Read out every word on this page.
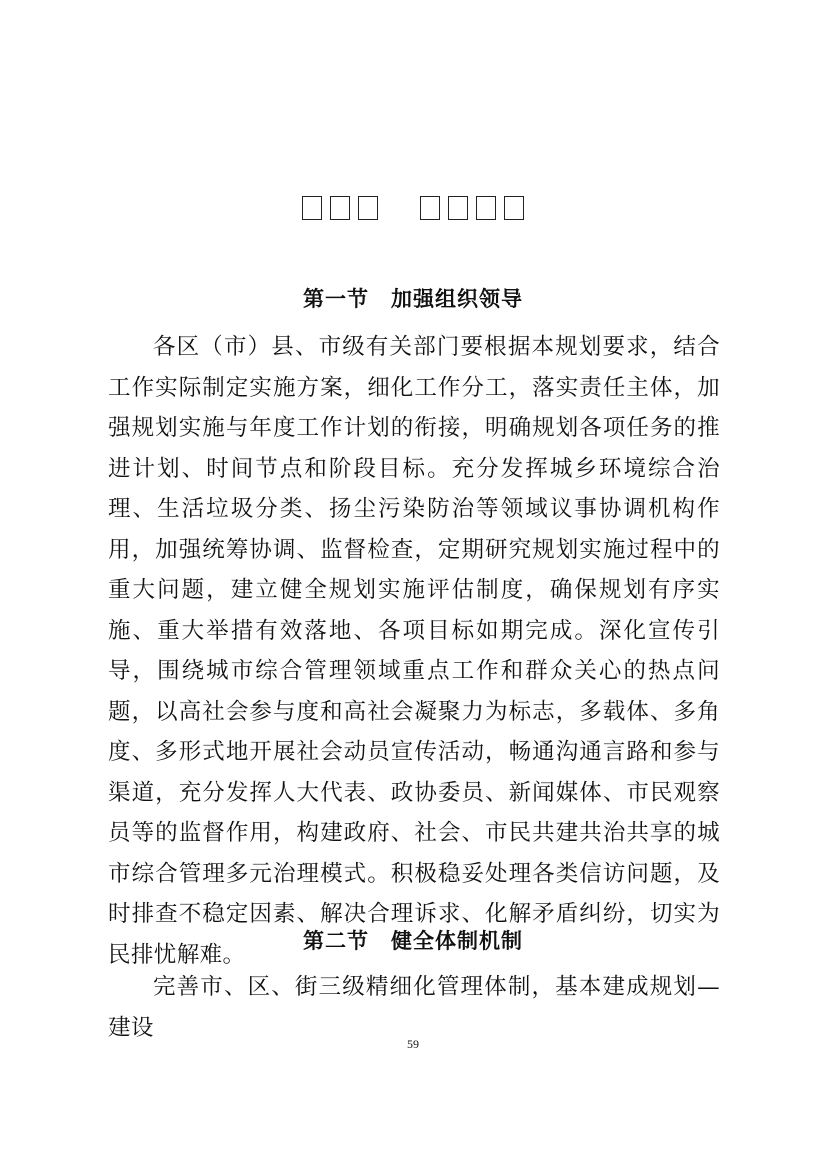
第一节 加强组织领导

各区（市）县、市级有关部门要根据本规划要求，结合工作实际制定实施方案，细化工作分工，落实责任主体，加强规划实施与年度工作计划的衔接，明确规划各项任务的推进计划、时间节点和阶段目标。充分发挥城乡环境综合治理、生活垃圾分类、扬尘污染防治等领域议事协调机构作用，加强统筹协调、监督检查，定期研究规划实施过程中的重大问题，建立健全规划实施评估制度，确保规划有序实施、重大举措有效落地、各项目标如期完成。深化宣传引导，围绕城市综合管理领域重点工作和群众关心的热点问题，以高社会参与度和高社会凝聚力为标志，多载体、多角度、多形式地开展社会动员宣传活动，畅通沟通言路和参与渠道，充分发挥人大代表、政协委员、新闻媒体、市民观察员等的监督作用，构建政府、社会、市民共建共治共享的城市综合管理多元治理模式。积极稳妥处理各类信访问题，及时排查不稳定因素、解决合理诉求、化解矛盾纠纷，切实为民排忧解难。

第二节 健全体制机制

完善市、区、街三级精细化管理体制，基本建成规划—建设

59
